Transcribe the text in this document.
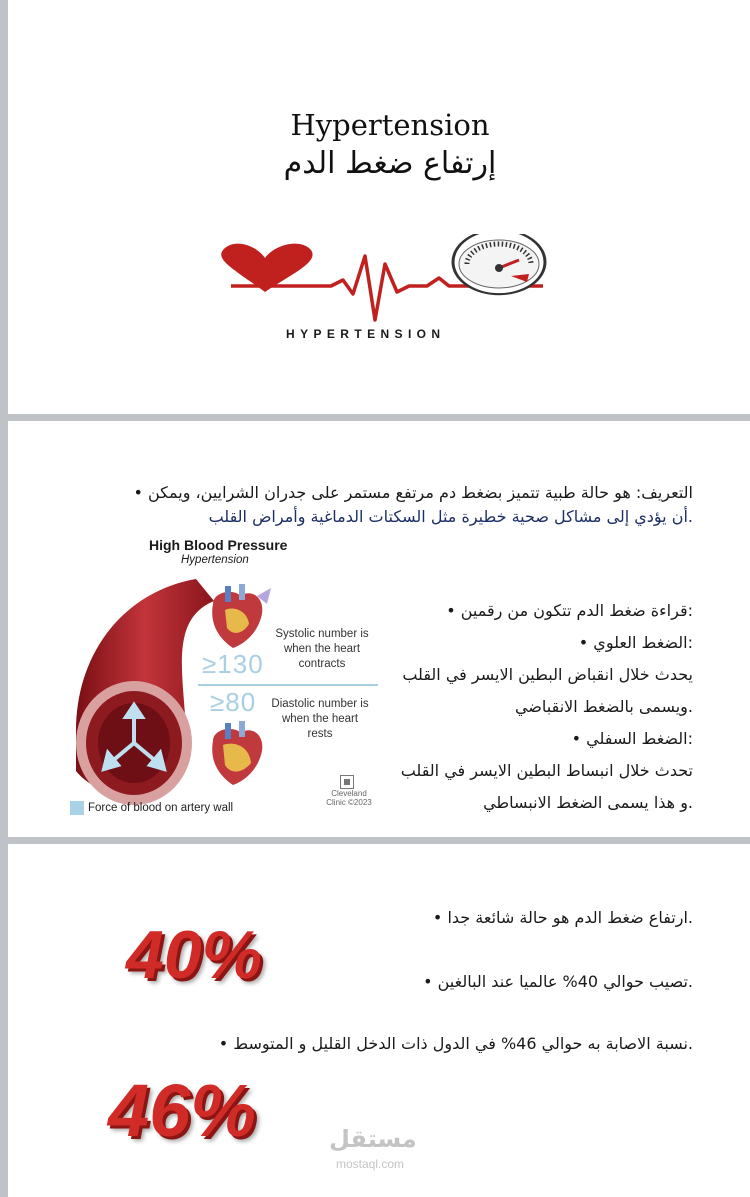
Hypertension
إرتفاع ضغط الدم
HYPERTENSION
التعريف: هو حالة طبية تتميز بضغط دم مرتفع مستمر على جدران الشرايين، ويمكن •
.أن يؤدي إلى مشاكل صحية خطيرة مثل السكتات الدماغية وأمراض القلب
High Blood Pressure
Hypertension
≥130
≥80
Systolic number is when the heart contracts
Diastolic number is when the heart rests
Force of blood on artery wall
Cleveland Clinic ©2023
:قراءة ضغط الدم تتكون من رقمين •
:الضغط العلوي •
يحدث خلال انقباض البطين الايسر في القلب
.ويسمى بالضغط الانقباضي
:الضغط السفلي •
تحدث خلال انبساط البطين الايسر في القلب
.و هذا يسمى الضغط الانبساطي
.ارتفاع ضغط الدم هو حالة شائعة جدا •
.تصيب حوالي 40% عالميا عند البالغين •
.نسبة الاصابة به حوالي 46% في الدول ذات الدخل القليل و المتوسط •
40%
46%	مستقل
mostaql.com
